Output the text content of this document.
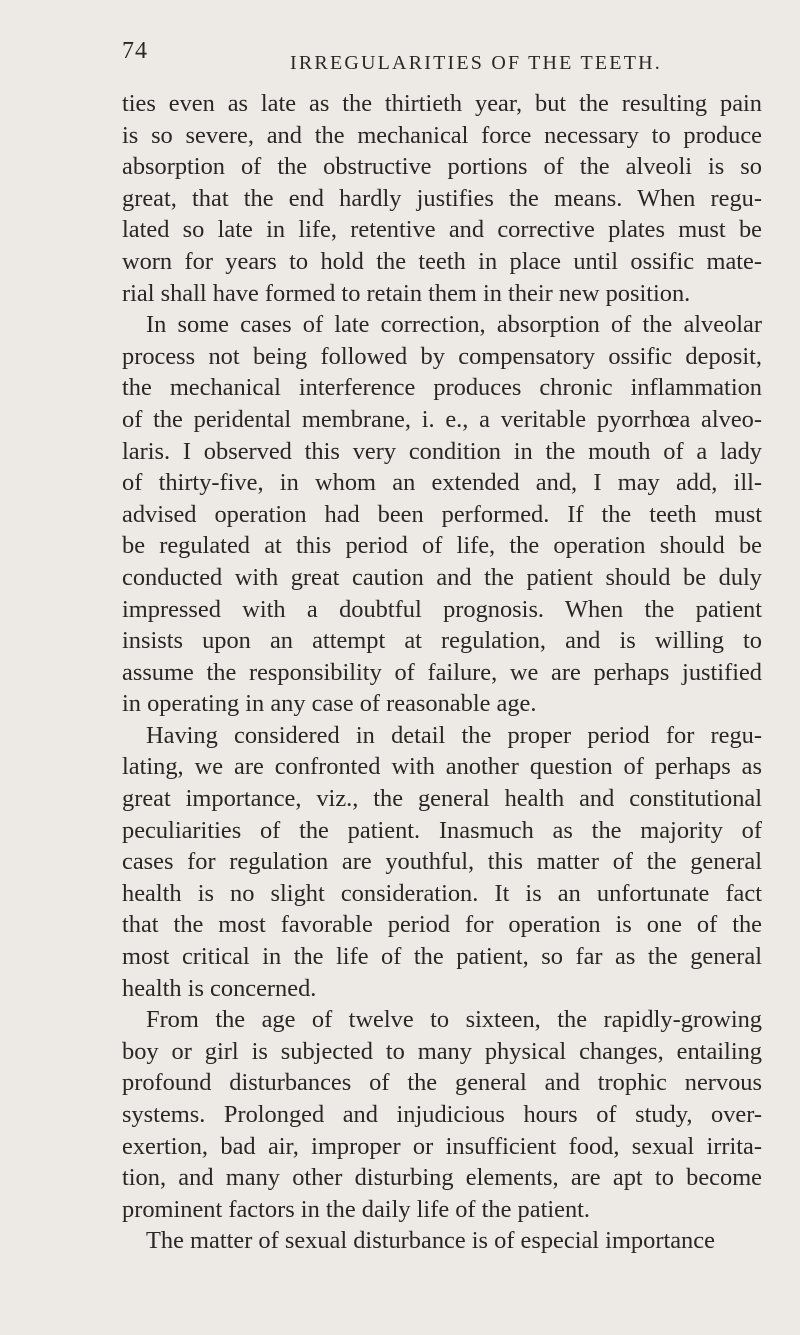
74	IRREGULARITIES OF THE TEETH.
ties even as late as the thirtieth year, but the resulting pain
is so severe, and the mechanical force necessary to produce
absorption of the obstructive portions of the alveoli is so
great, that the end hardly justifies the means. When regu-
lated so late in life, retentive and corrective plates must be
worn for years to hold the teeth in place until ossific mate-
rial shall have formed to retain them in their new position.
In some cases of late correction, absorption of the alveolar
process not being followed by compensatory ossific deposit,
the mechanical interference produces chronic inflammation
of the peridental membrane, i. e., a veritable pyorrhœa alveo-
laris. I observed this very condition in the mouth of a lady
of thirty-five, in whom an extended and, I may add, ill-
advised operation had been performed. If the teeth must
be regulated at this period of life, the operation should be
conducted with great caution and the patient should be duly
impressed with a doubtful prognosis. When the patient
insists upon an attempt at regulation, and is willing to
assume the responsibility of failure, we are perhaps justified
in operating in any case of reasonable age.
Having considered in detail the proper period for regu-
lating, we are confronted with another question of perhaps as
great importance, viz., the general health and constitutional
peculiarities of the patient. Inasmuch as the majority of
cases for regulation are youthful, this matter of the general
health is no slight consideration. It is an unfortunate fact
that the most favorable period for operation is one of the
most critical in the life of the patient, so far as the general
health is concerned.
From the age of twelve to sixteen, the rapidly-growing
boy or girl is subjected to many physical changes, entailing
profound disturbances of the general and trophic nervous
systems. Prolonged and injudicious hours of study, over-
exertion, bad air, improper or insufficient food, sexual irrita-
tion, and many other disturbing elements, are apt to become
prominent factors in the daily life of the patient.
The matter of sexual disturbance is of especial importance
